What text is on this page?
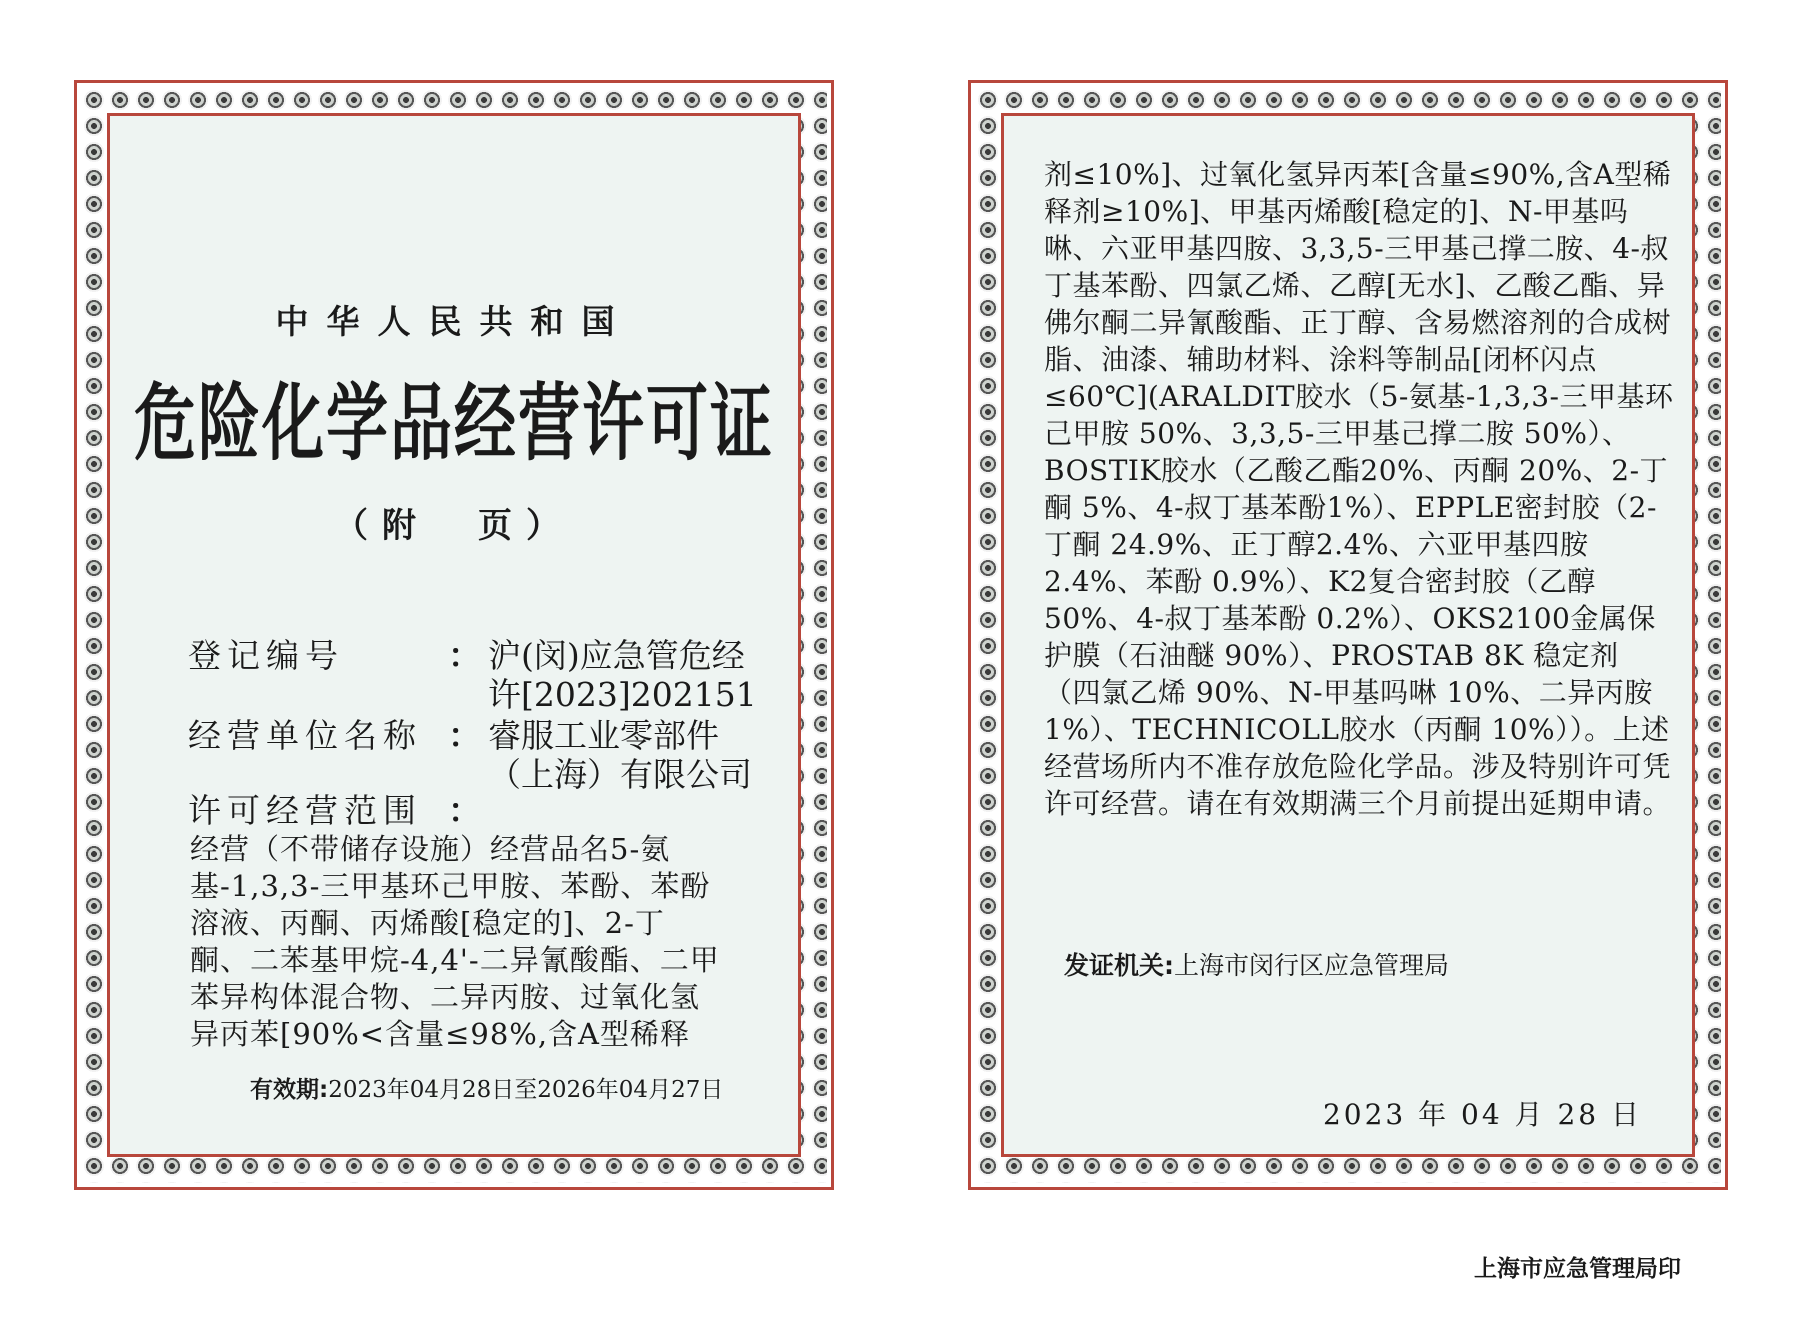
中华人民共和国
危险化学品经营许可证
（附　页）
登记编号	： 沪(闵)应急管危经许[2023]202151
经营单位名称 ： 睿服工业零部件（上海）有限公司
许可经营范围 ：
经营（不带储存设施）经营品名5-氨基-1,3,3-三甲基环己甲胺、苯酚、苯酚溶液、丙酮、丙烯酸[稳定的]、2-丁酮、二苯基甲烷-4,4'-二异氰酸酯、二甲苯异构体混合物、二异丙胺、过氧化氢异丙苯[90%<含量≤98%,含A型稀释
有效期:2023年04月28日至2026年04月27日
剂≤10%]、过氧化氢异丙苯[含量≤90%,含A型稀释剂≥10%]、甲基丙烯酸[稳定的]、N-甲基吗啉、六亚甲基四胺、3,3,5-三甲基己撑二胺、4-叔丁基苯酚、四氯乙烯、乙醇[无水]、乙酸乙酯、异佛尔酮二异氰酸酯、正丁醇、含易燃溶剂的合成树脂、油漆、辅助材料、涂料等制品[闭杯闪点≤60℃](ARALDIT胶水（5-氨基-1,3,3-三甲基环己甲胺 50%、3,3,5-三甲基己撑二胺 50%）、BOSTIK胶水（乙酸乙酯20%、丙酮 20%、2-丁酮 5%、4-叔丁基苯酚1%）、EPPLE密封胶（2-丁酮 24.9%、正丁醇2.4%、六亚甲基四胺 2.4%、苯酚 0.9%）、K2复合密封胶（乙醇 50%、4-叔丁基苯酚 0.2%）、OKS2100金属保护膜（石油醚 90%）、PROSTAB 8K 稳定剂（四氯乙烯 90%、N-甲基吗啉 10%、二异丙胺 1%）、TECHNICOLL胶水（丙酮 10%））。上述经营场所内不准存放危险化学品。涉及特别许可凭许可经营。请在有效期满三个月前提出延期申请。
发证机关:上海市闵行区应急管理局
2023 年 04 月 28 日
上海市应急管理局印
